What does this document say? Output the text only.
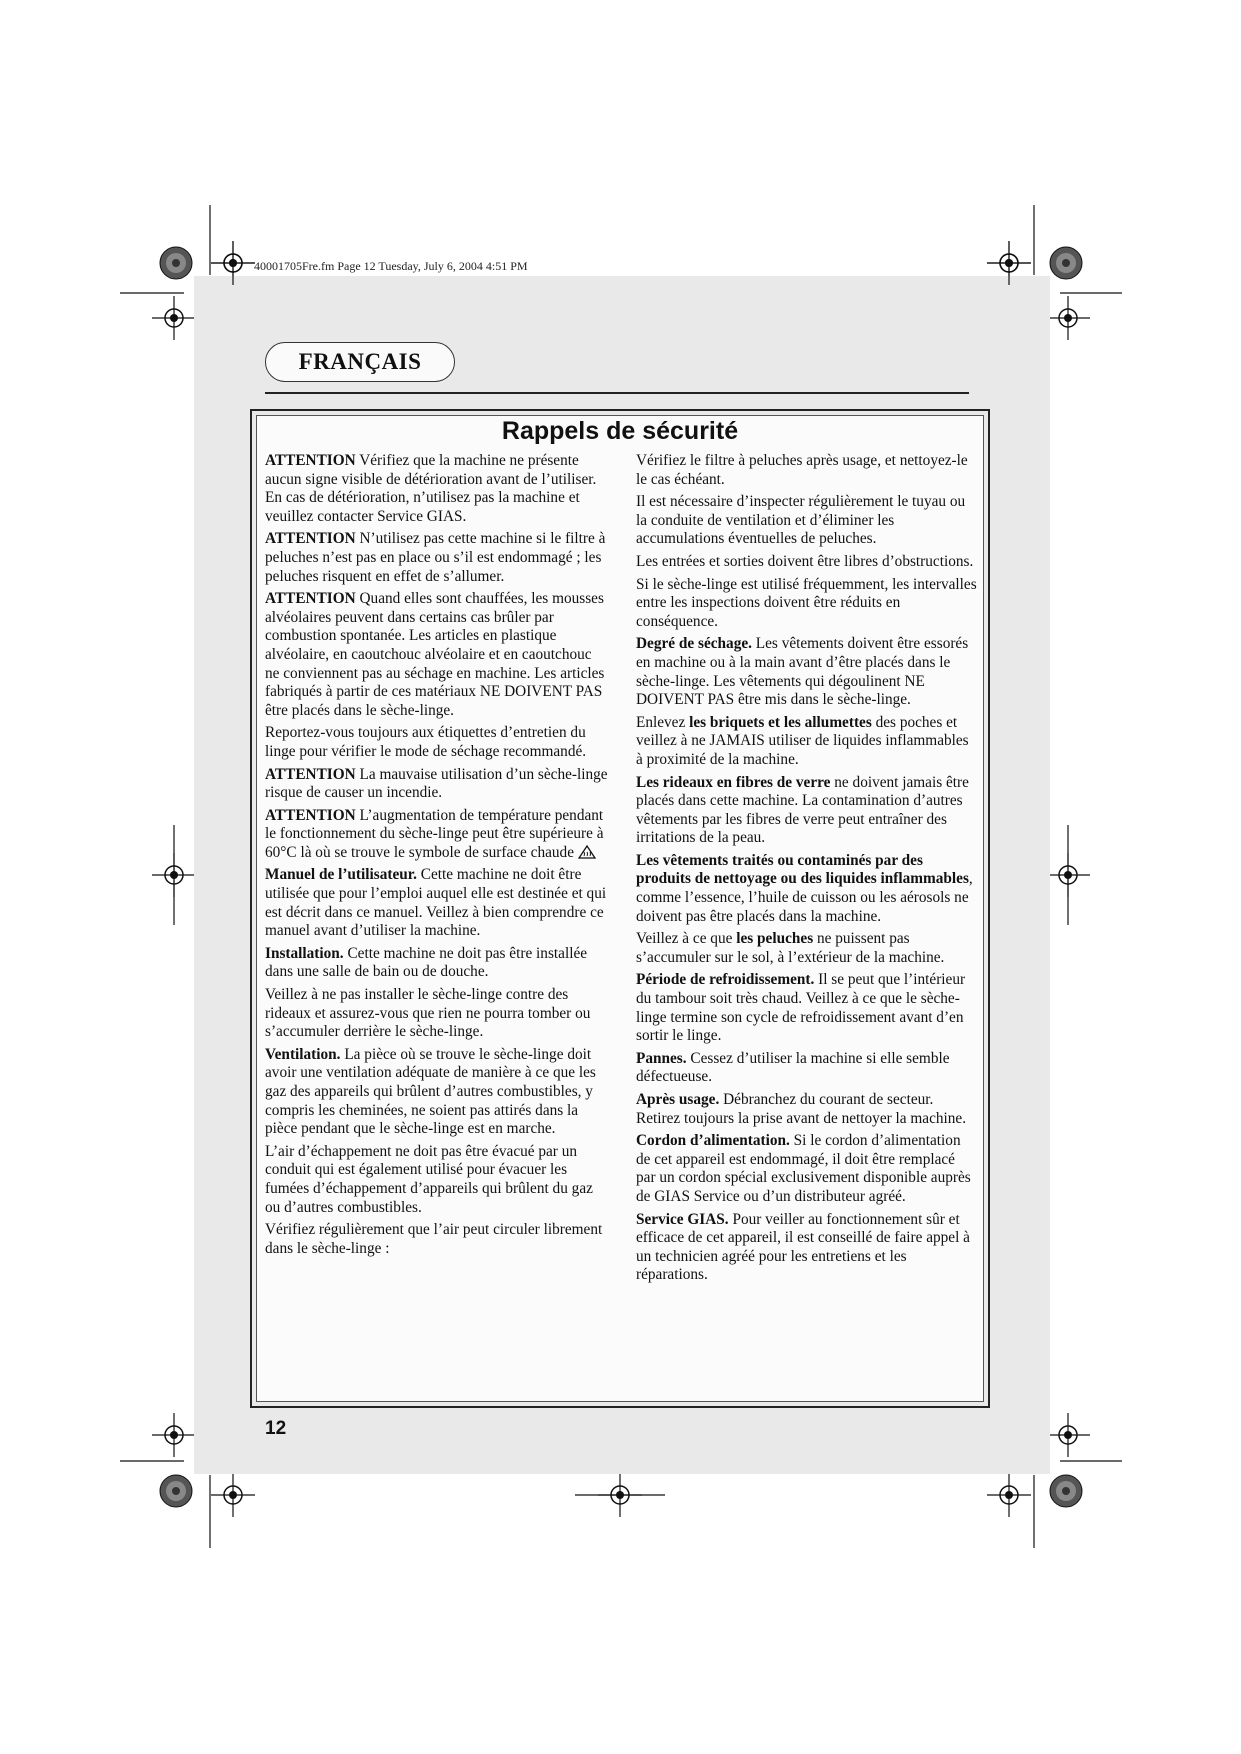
40001705Fre.fm Page 12 Tuesday, July 6, 2004 4:51 PM
FRANÇAIS
Rappels de sécurité

ATTENTION Vérifiez que la machine ne présente aucun signe visible de détérioration avant de l’utiliser. En cas de détérioration, n’utilisez pas la machine et veuillez contacter Service GIAS.

ATTENTION N’utilisez pas cette machine si le filtre à peluches n’est pas en place ou s’il est endommagé ; les peluches risquent en effet de s’allumer.

ATTENTION Quand elles sont chauffées, les mousses alvéolaires peuvent dans certains cas brûler par combustion spontanée. Les articles en plastique alvéolaire, en caoutchouc alvéolaire et en caoutchouc ne conviennent pas au séchage en machine. Les articles fabriqués à partir de ces matériaux NE DOIVENT PAS être placés dans le sèche-linge.

Reportez-vous toujours aux étiquettes d’entretien du linge pour vérifier le mode de séchage recommandé.

ATTENTION La mauvaise utilisation d’un sèche-linge risque de causer un incendie.

ATTENTION L’augmentation de température pendant le fonctionnement du sèche-linge peut être supérieure à 60°C là où se trouve le symbole de surface chaude

Manuel de l’utilisateur. Cette machine ne doit être utilisée que pour l’emploi auquel elle est destinée et qui est décrit dans ce manuel. Veillez à bien comprendre ce manuel avant d’utiliser la machine.

Installation. Cette machine ne doit pas être installée dans une salle de bain ou de douche.

Veillez à ne pas installer le sèche-linge contre des rideaux et assurez-vous que rien ne pourra tomber ou s’accumuler derrière le sèche-linge.

Ventilation. La pièce où se trouve le sèche-linge doit avoir une ventilation adéquate de manière à ce que les gaz des appareils qui brûlent d’autres combustibles, y compris les cheminées, ne soient pas attirés dans la pièce pendant que le sèche-linge est en marche.

L’air d’échappement ne doit pas être évacué par un conduit qui est également utilisé pour évacuer les fumées d’échappement d’appareils qui brûlent du gaz ou d’autres combustibles.

Vérifiez régulièrement que l’air peut circuler librement dans le sèche-linge :

Vérifiez le filtre à peluches après usage, et nettoyez-le le cas échéant.

Il est nécessaire d’inspecter régulièrement le tuyau ou la conduite de ventilation et d’éliminer les accumulations éventuelles de peluches.

Les entrées et sorties doivent être libres d’obstructions.

Si le sèche-linge est utilisé fréquemment, les intervalles entre les inspections doivent être réduits en conséquence.

Degré de séchage. Les vêtements doivent être essorés en machine ou à la main avant d’être placés dans le sèche-linge. Les vêtements qui dégoulinent NE DOIVENT PAS être mis dans le sèche-linge.

Enlevez les briquets et les allumettes des poches et veillez à ne JAMAIS utiliser de liquides inflammables à proximité de la machine.

Les rideaux en fibres de verre ne doivent jamais être placés dans cette machine. La contamination d’autres vêtements par les fibres de verre peut entraîner des irritations de la peau.

Les vêtements traités ou contaminés par des produits de nettoyage ou des liquides inflammables, comme l’essence, l’huile de cuisson ou les aérosols ne doivent pas être placés dans la machine.

Veillez à ce que les peluches ne puissent pas s’accumuler sur le sol, à l’extérieur de la machine.

Période de refroidissement. Il se peut que l’intérieur du tambour soit très chaud. Veillez à ce que le sèche-linge termine son cycle de refroidissement avant d’en sortir le linge.

Pannes. Cessez d’utiliser la machine si elle semble défectueuse.

Après usage. Débranchez du courant de secteur. Retirez toujours la prise avant de nettoyer la machine.

Cordon d’alimentation. Si le cordon d’alimentation de cet appareil est endommagé, il doit être remplacé par un cordon spécial exclusivement disponible auprès de GIAS Service ou d’un distributeur agréé.

Service GIAS. Pour veiller au fonctionnement sûr et efficace de cet appareil, il est conseillé de faire appel à un technicien agréé pour les entretiens et les réparations.

12
